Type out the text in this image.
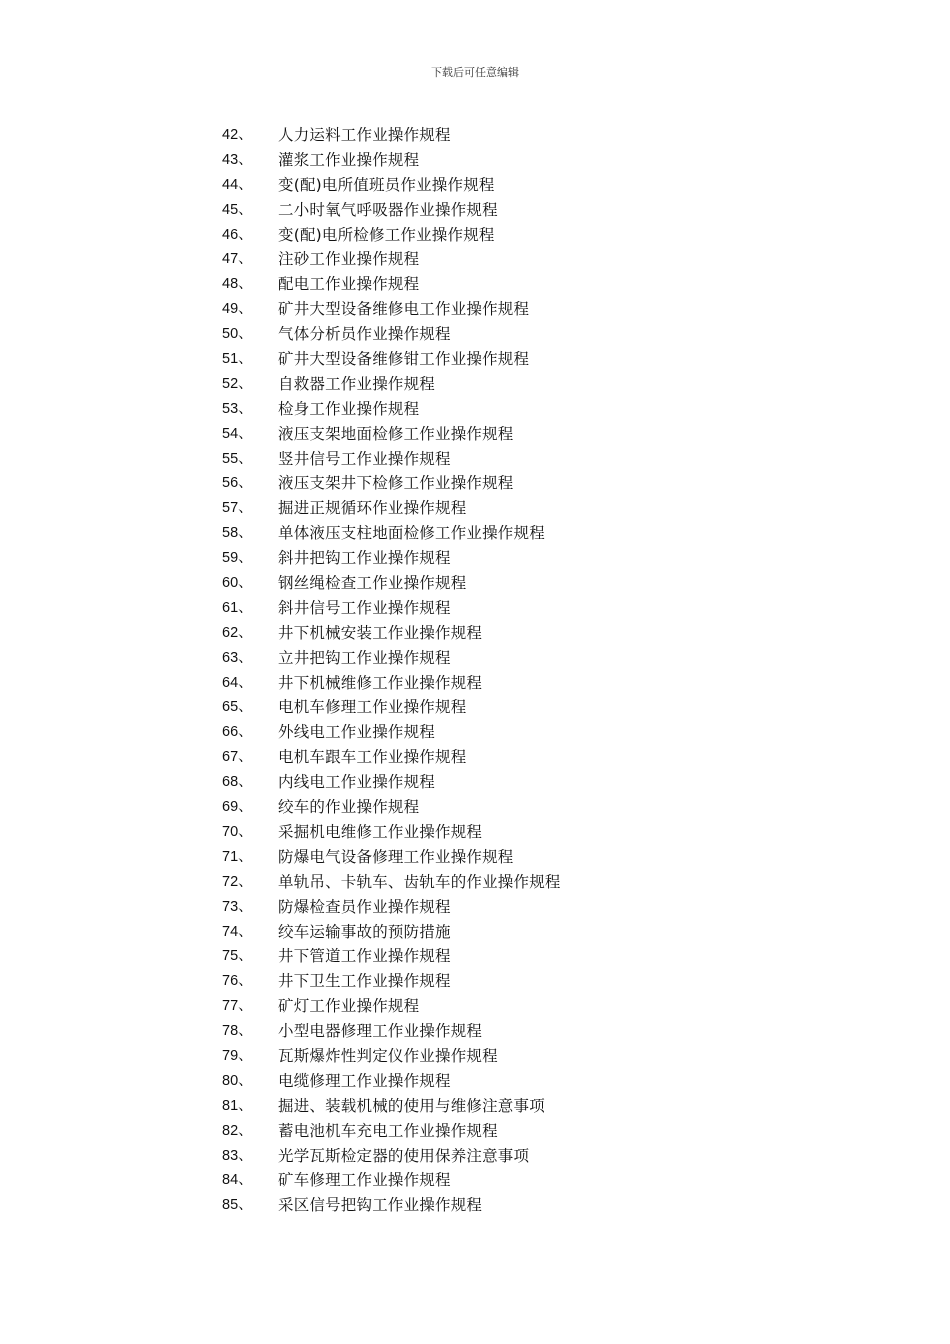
下载后可任意编辑
42、 人力运料工作业操作规程
43、 灌浆工作业操作规程
44、 变(配)电所值班员作业操作规程
45、 二小时氧气呼吸器作业操作规程
46、 变(配)电所检修工作业操作规程
47、 注砂工作业操作规程
48、 配电工作业操作规程
49、 矿井大型设备维修电工作业操作规程
50、 气体分析员作业操作规程
51、 矿井大型设备维修钳工作业操作规程
52、 自救器工作业操作规程
53、 检身工作业操作规程
54、 液压支架地面检修工作业操作规程
55、 竖井信号工作业操作规程
56、 液压支架井下检修工作业操作规程
57、 掘进正规循环作业操作规程
58、 单体液压支柱地面检修工作业操作规程
59、 斜井把钩工作业操作规程
60、 钢丝绳检查工作业操作规程
61、 斜井信号工作业操作规程
62、 井下机械安装工作业操作规程
63、 立井把钩工作业操作规程
64、 井下机械维修工作业操作规程
65、 电机车修理工作业操作规程
66、 外线电工作业操作规程
67、 电机车跟车工作业操作规程
68、 内线电工作业操作规程
69、 绞车的作业操作规程
70、 采掘机电维修工作业操作规程
71、 防爆电气设备修理工作业操作规程
72、 单轨吊、卡轨车、齿轨车的作业操作规程
73、 防爆检查员作业操作规程
74、 绞车运输事故的预防措施
75、 井下管道工作业操作规程
76、 井下卫生工作业操作规程
77、 矿灯工作业操作规程
78、 小型电器修理工作业操作规程
79、 瓦斯爆炸性判定仪作业操作规程
80、 电缆修理工作业操作规程
81、 掘进、装载机械的使用与维修注意事项
82、 蓄电池机车充电工作业操作规程
83、 光学瓦斯检定器的使用保养注意事项
84、 矿车修理工作业操作规程
85、 采区信号把钩工作业操作规程
